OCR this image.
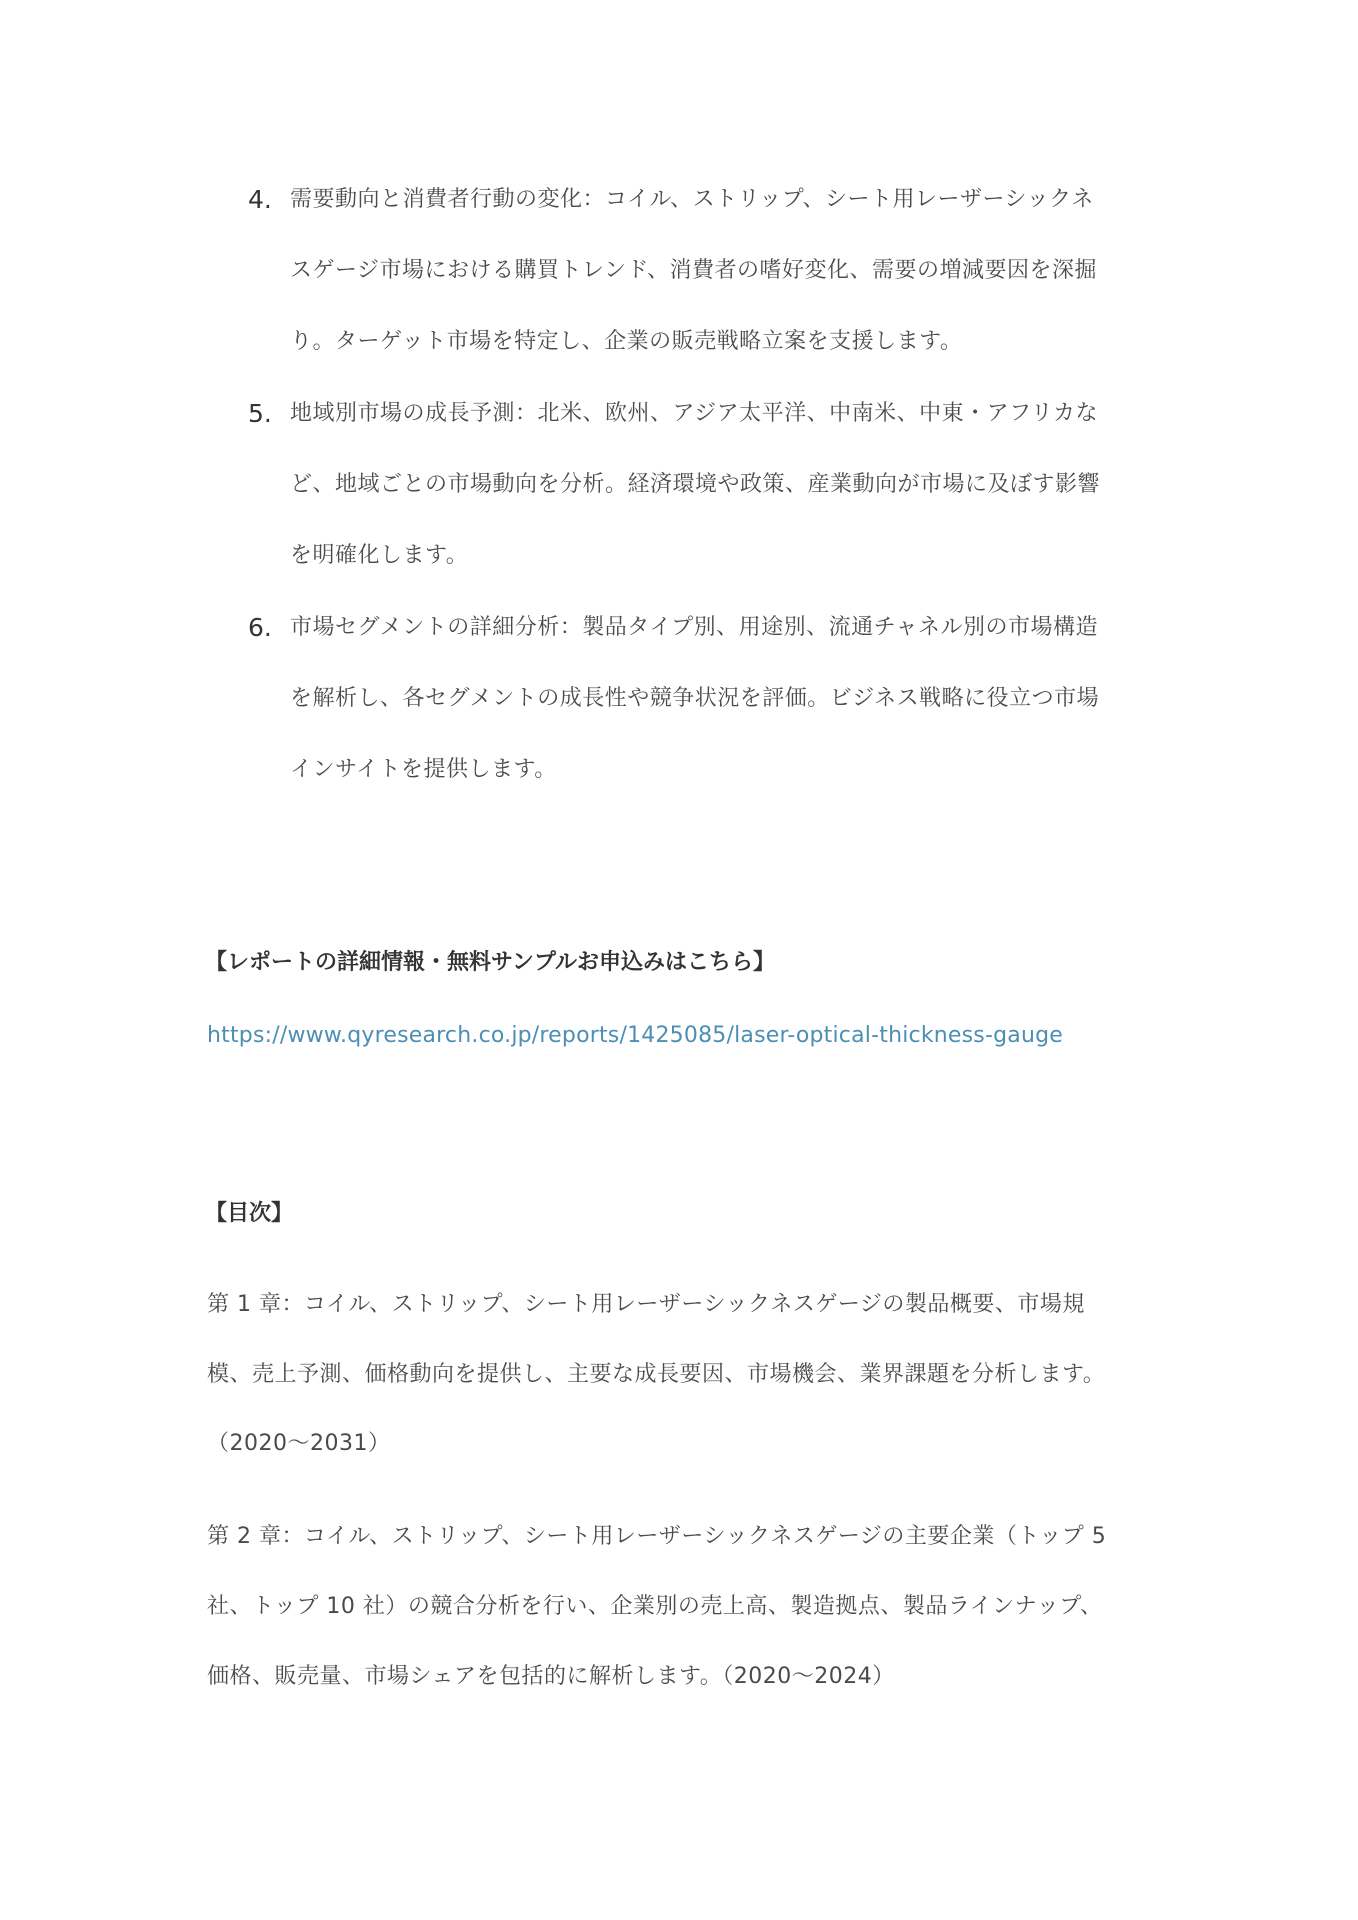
4. 需要動向と消費者行動の変化：コイル、ストリップ、シート用レーザーシックネ
スゲージ市場における購買トレンド、消費者の嗜好変化、需要の増減要因を深掘
り。ターゲット市場を特定し、企業の販売戦略立案を支援します。
5. 地域別市場の成長予測：北米、欧州、アジア太平洋、中南米、中東・アフリカな
ど、地域ごとの市場動向を分析。経済環境や政策、産業動向が市場に及ぼす影響
を明確化します。
6. 市場セグメントの詳細分析：製品タイプ別、用途別、流通チャネル別の市場構造
を解析し、各セグメントの成長性や競争状況を評価。ビジネス戦略に役立つ市場
インサイトを提供します。
【レポートの詳細情報・無料サンプルお申込みはこちら】
https://www.qyresearch.co.jp/reports/1425085/laser-optical-thickness-gauge
【目次】
第 1 章：コイル、ストリップ、シート用レーザーシックネスゲージの製品概要、市場規
模、売上予測、価格動向を提供し、主要な成長要因、市場機会、業界課題を分析します。
（2020～2031）
第 2 章：コイル、ストリップ、シート用レーザーシックネスゲージの主要企業（トップ 5
社、トップ 10 社）の競合分析を行い、企業別の売上高、製造拠点、製品ラインナップ、
価格、販売量、市場シェアを包括的に解析します。（2020～2024）
